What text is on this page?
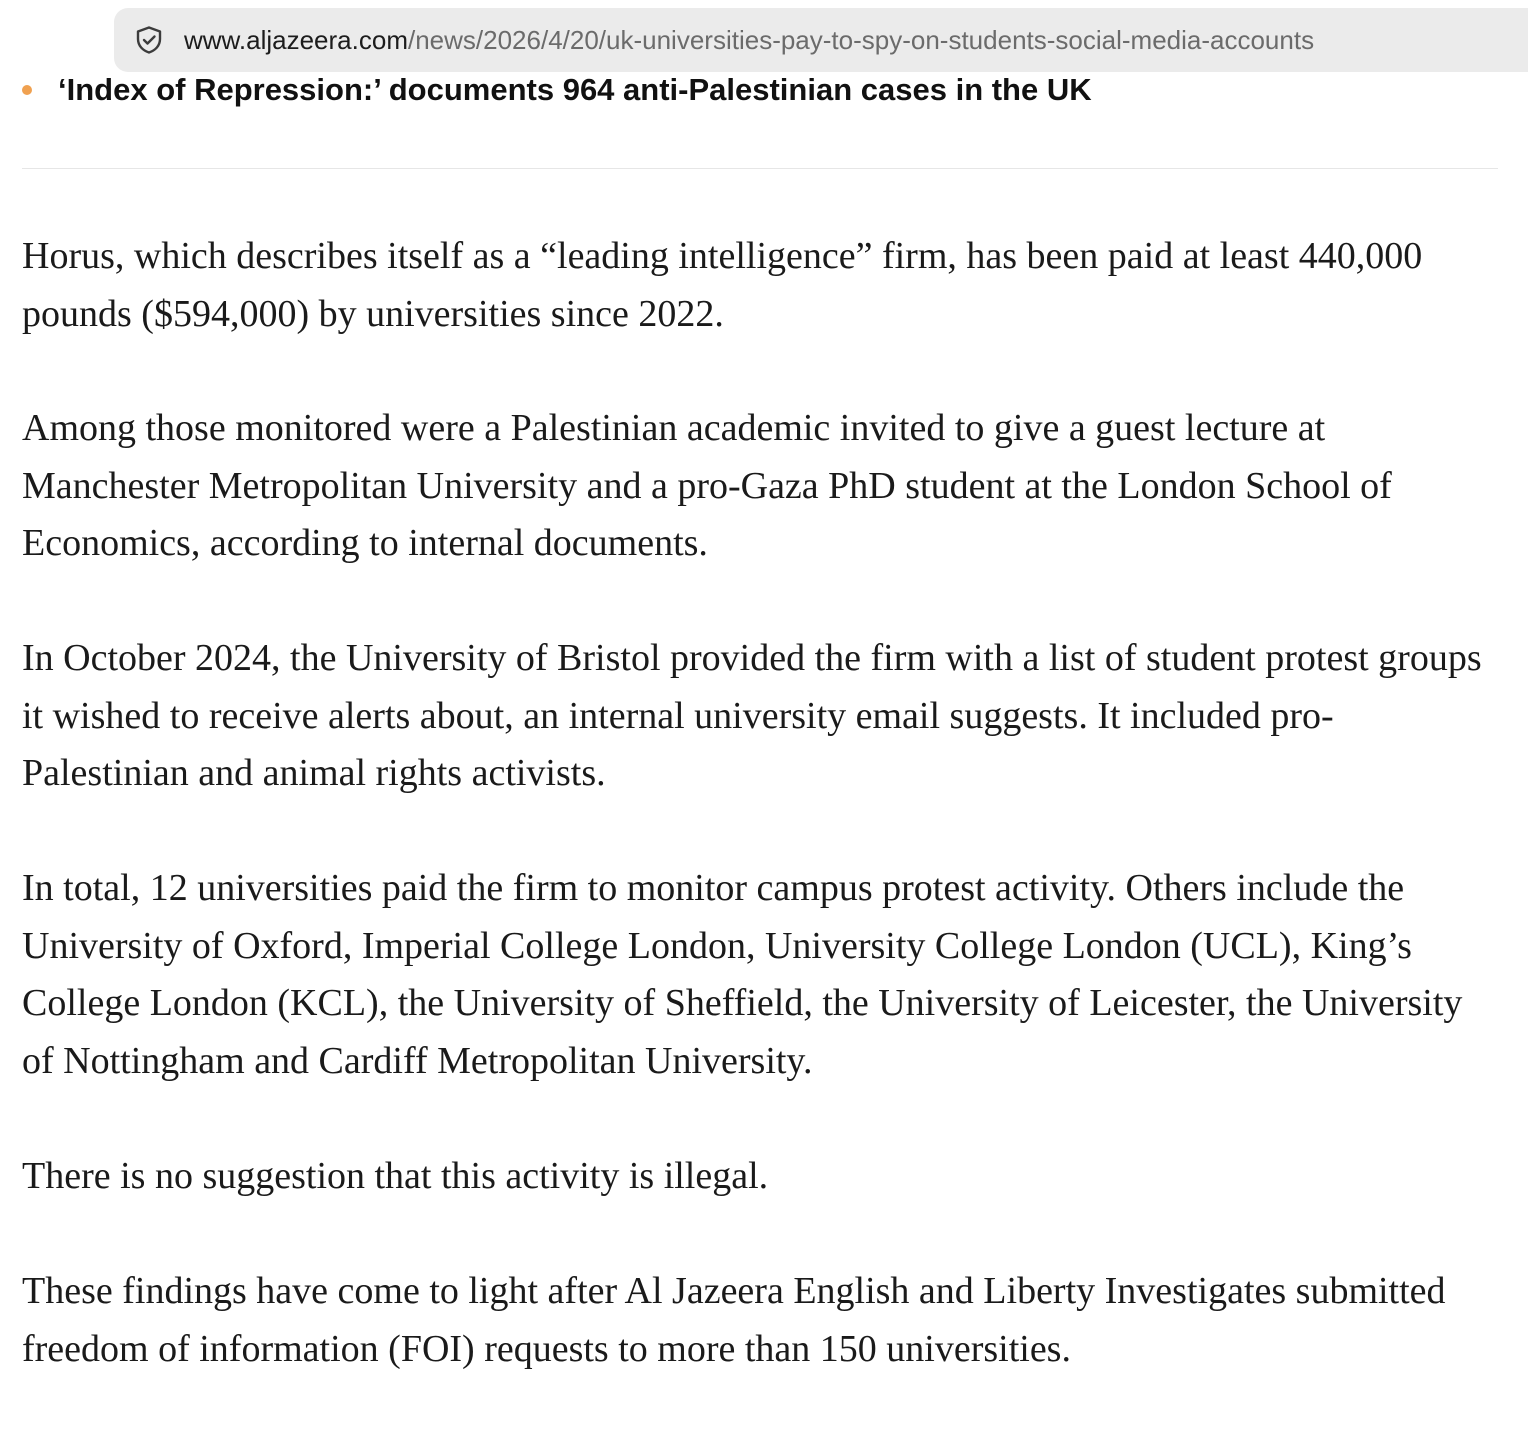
www.aljazeera.com/news/2026/4/20/uk-universities-pay-to-spy-on-students-social-media-accounts
‘Index of Repression:’ documents 964 anti-Palestinian cases in the UK

Horus, which describes itself as a “leading intelligence” firm, has been paid at least 440,000 pounds ($594,000) by universities since 2022.

Among those monitored were a Palestinian academic invited to give a guest lecture at Manchester Metropolitan University and a pro-Gaza PhD student at the London School of Economics, according to internal documents.

In October 2024, the University of Bristol provided the firm with a list of student protest groups it wished to receive alerts about, an internal university email suggests. It included pro-Palestinian and animal rights activists.

In total, 12 universities paid the firm to monitor campus protest activity. Others include the University of Oxford, Imperial College London, University College London (UCL), King’s College London (KCL), the University of Sheffield, the University of Leicester, the University of Nottingham and Cardiff Metropolitan University.

There is no suggestion that this activity is illegal.

These findings have come to light after Al Jazeera English and Liberty Investigates submitted freedom of information (FOI) requests to more than 150 universities.
